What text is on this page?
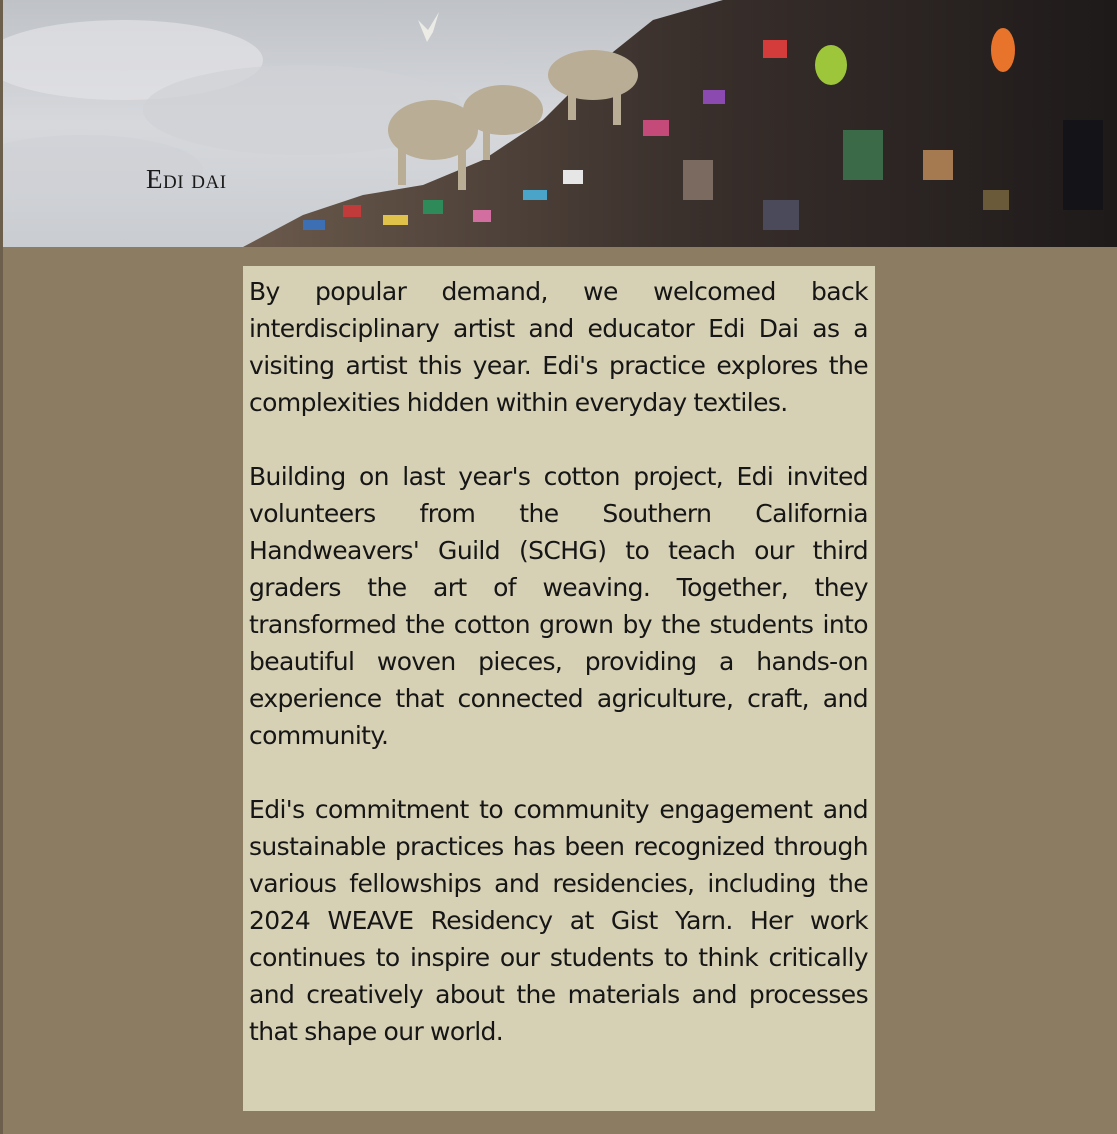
Edi dai

By popular demand, we welcomed back interdisciplinary artist and educator Edi Dai as a visiting artist this year. Edi's practice explores the complexities hidden within everyday textiles.

Building on last year's cotton project, Edi invited volunteers from the Southern California Handweavers' Guild (SCHG) to teach our third graders the art of weaving. Together, they transformed the cotton grown by the students into beautiful woven pieces, providing a hands-on experience that connected agriculture, craft, and community.

Edi's commitment to community engagement and sustainable practices has been recognized through various fellowships and residencies, including the 2024 WEAVE Residency at Gist Yarn. Her work continues to inspire our students to think critically and creatively about the materials and processes that shape our world.
